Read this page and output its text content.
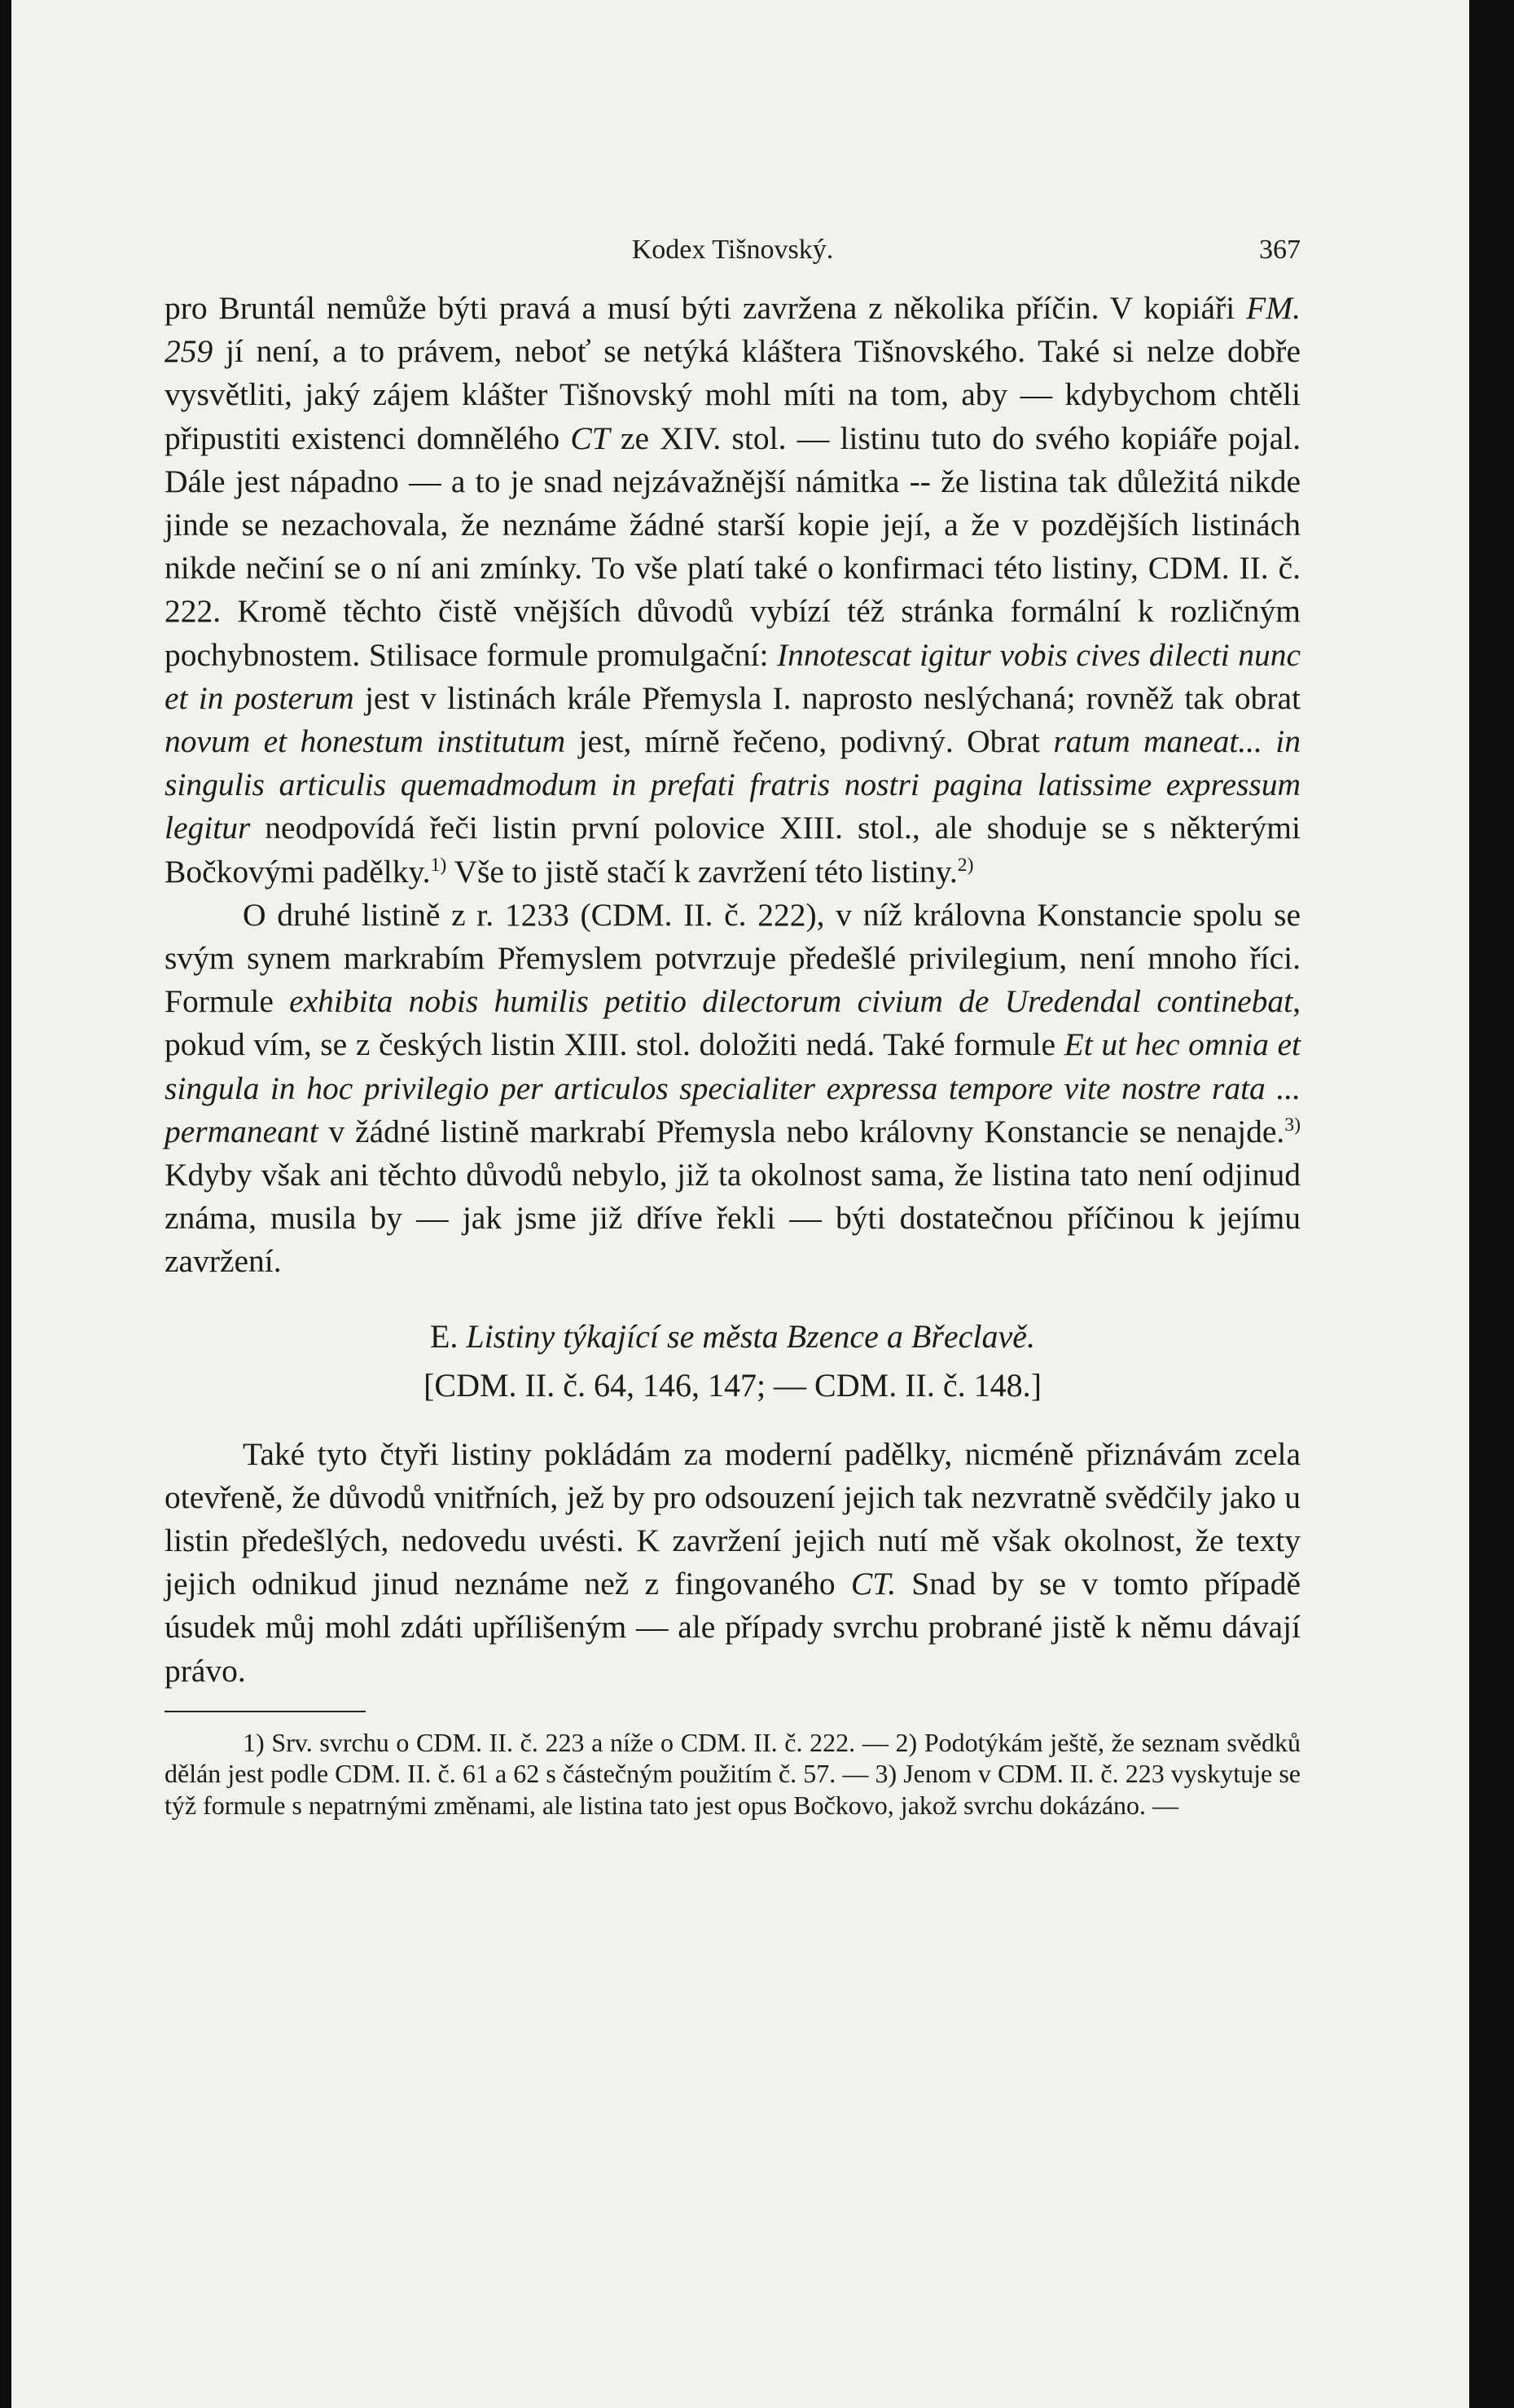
Kodex Tišnovský.	367

pro Bruntál nemůže býti pravá a musí býti zavržena z několika příčin. V kopiáři FM. 259 jí není, a to právem, neboť se netýká kláštera Tišnovského. Také si nelze dobře vysvětliti, jaký zájem klášter Tišnovský mohl míti na tom, aby — kdybychom chtěli připustiti existenci domnělého CT ze XIV. stol. — listinu tuto do svého kopiáře pojal. Dále jest nápadno — a to je snad nejzávažnější námitka -- že listina tak důležitá nikde jinde se nezachovala, že neznáme žádné starší kopie její, a že v pozdějších listinách nikde nečiní se o ní ani zmínky. To vše platí také o konfirmaci této listiny, CDM. II. č. 222. Kromě těchto čistě vnějších důvodů vybízí též stránka formální k rozličným pochybnostem. Stilisace formule promulgační: Innotescat igitur vobis cives dilecti nunc et in posterum jest v listinách krále Přemysla I. naprosto neslýchaná; rovněž tak obrat novum et honestum institutum jest, mírně řečeno, podivný. Obrat ratum maneat... in singulis articulis quemadmodum in prefati fratris nostri pagina latissime expressum legitur neodpovídá řeči listin první polovice XIII. stol., ale shoduje se s některými Bočkovými padělky.$^{1)}$ Vše to jistě stačí k zavržení této listiny.$^{2)}$

O druhé listině z r. 1233 (CDM. II. č. 222), v níž královna Konstancie spolu se svým synem markrabím Přemyslem potvrzuje předešlé privilegium, není mnoho říci. Formule exhibita nobis humilis petitio dilectorum civium de Uredendal continebat, pokud vím, se z českých listin XIII. stol. doložiti nedá. Také formule Et ut hec omnia et singula in hoc privilegio per articulos specialiter expressa tempore vite nostre rata ... permaneant v žádné listině markrabí Přemysla nebo královny Konstancie se nenajde.$^{3)}$ Kdyby však ani těchto důvodů nebylo, již ta okolnost sama, že listina tato není odjinud známa, musila by — jak jsme již dříve řekli — býti dostatečnou příčinou k jejímu zavržení.

E. Listiny týkající se města Bzence a Břeclavě.

[CDM. II. č. 64, 146, 147; — CDM. II. č. 148.]

Také tyto čtyři listiny pokládám za moderní padělky, nicméně přiznávám zcela otevřeně, že důvodů vnitřních, jež by pro odsouzení jejich tak nezvratně svědčily jako u listin předešlých, nedovedu uvésti. K zavržení jejich nutí mě však okolnost, že texty jejich odnikud jinud neznáme než z fingovaného CT. Snad by se v tomto případě úsudek můj mohl zdáti upřílišeným — ale případy svrchu probrané jistě k němu dávají právo.

1) Srv. svrchu o CDM. II. č. 223 a níže o CDM. II. č. 222. — 2) Podotýkám ještě, že seznam svědků dělán jest podle CDM. II. č. 61 a 62 s částečným použitím č. 57. — 3) Jenom v CDM. II. č. 223 vyskytuje se týž formule s nepatrnými změnami, ale listina tato jest opus Bočkovo, jakož svrchu dokázáno. —
